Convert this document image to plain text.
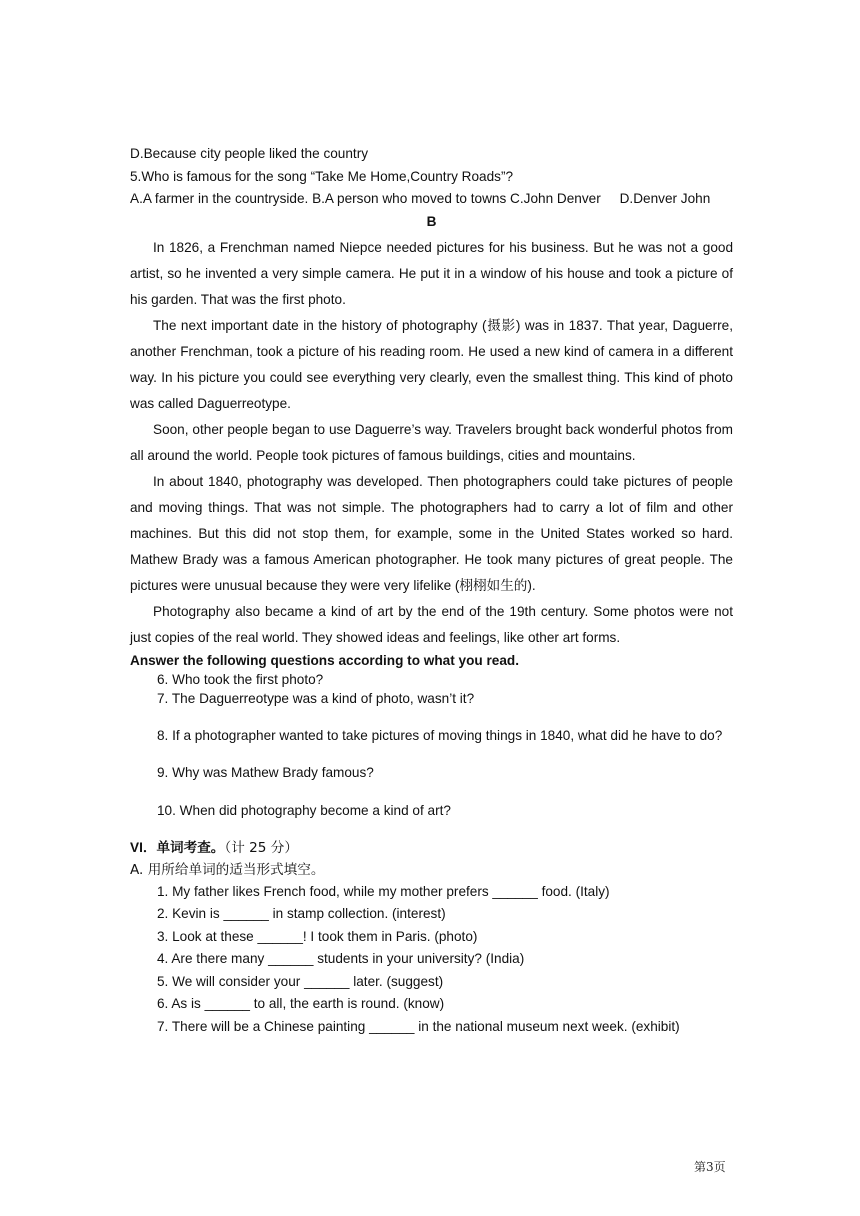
D.Because city people liked the country
5.Who is famous for the song “Take Me Home,Country Roads”?
A.A farmer in the countryside. B.A person who moved to towns C.John Denver     D.Denver John
B
In 1826, a Frenchman named Niepce needed pictures for his business. But he was not a good artist, so he invented a very simple camera. He put it in a window of his house and took a picture of his garden. That was the first photo.
The next important date in the history of photography (摄影) was in 1837. That year, Daguerre, another Frenchman, took a picture of his reading room. He used a new kind of camera in a different way. In his picture you could see everything very clearly, even the smallest thing. This kind of photo was called Daguerreotype.
Soon, other people began to use Daguerre’s way. Travelers brought back wonderful photos from all around the world. People took pictures of famous buildings, cities and mountains.
In about 1840, photography was developed. Then photographers could take pictures of people and moving things. That was not simple. The photographers had to carry a lot of film and other machines. But this did not stop them, for example, some in the United States worked so hard. Mathew Brady was a famous American photographer. He took many pictures of great people. The pictures were unusual because they were very lifelike (栩栩如生的).
Photography also became a kind of art by the end of the 19th century. Some photos were not just copies of the real world. They showed ideas and feelings, like other art forms.
Answer the following questions according to what you read.
6. Who took the first photo?
7. The Daguerreotype was a kind of photo, wasn’t it?
8. If a photographer wanted to take pictures of moving things in 1840, what did he have to do?
9. Why was Mathew Brady famous?
10. When did photography become a kind of art?
VI．单词考查。（计 25 分）
A. 用所给单词的适当形式填空。
1. My father likes French food, while my mother prefers ______ food. (Italy)
2. Kevin is ______ in stamp collection. (interest)
3. Look at these ______! I took them in Paris. (photo)
4. Are there many ______ students in your university? (India)
5. We will consider your ______ later. (suggest)
6. As is ______ to all, the earth is round. (know)
7. There will be a Chinese painting ______ in the national museum next week. (exhibit)
第3页
